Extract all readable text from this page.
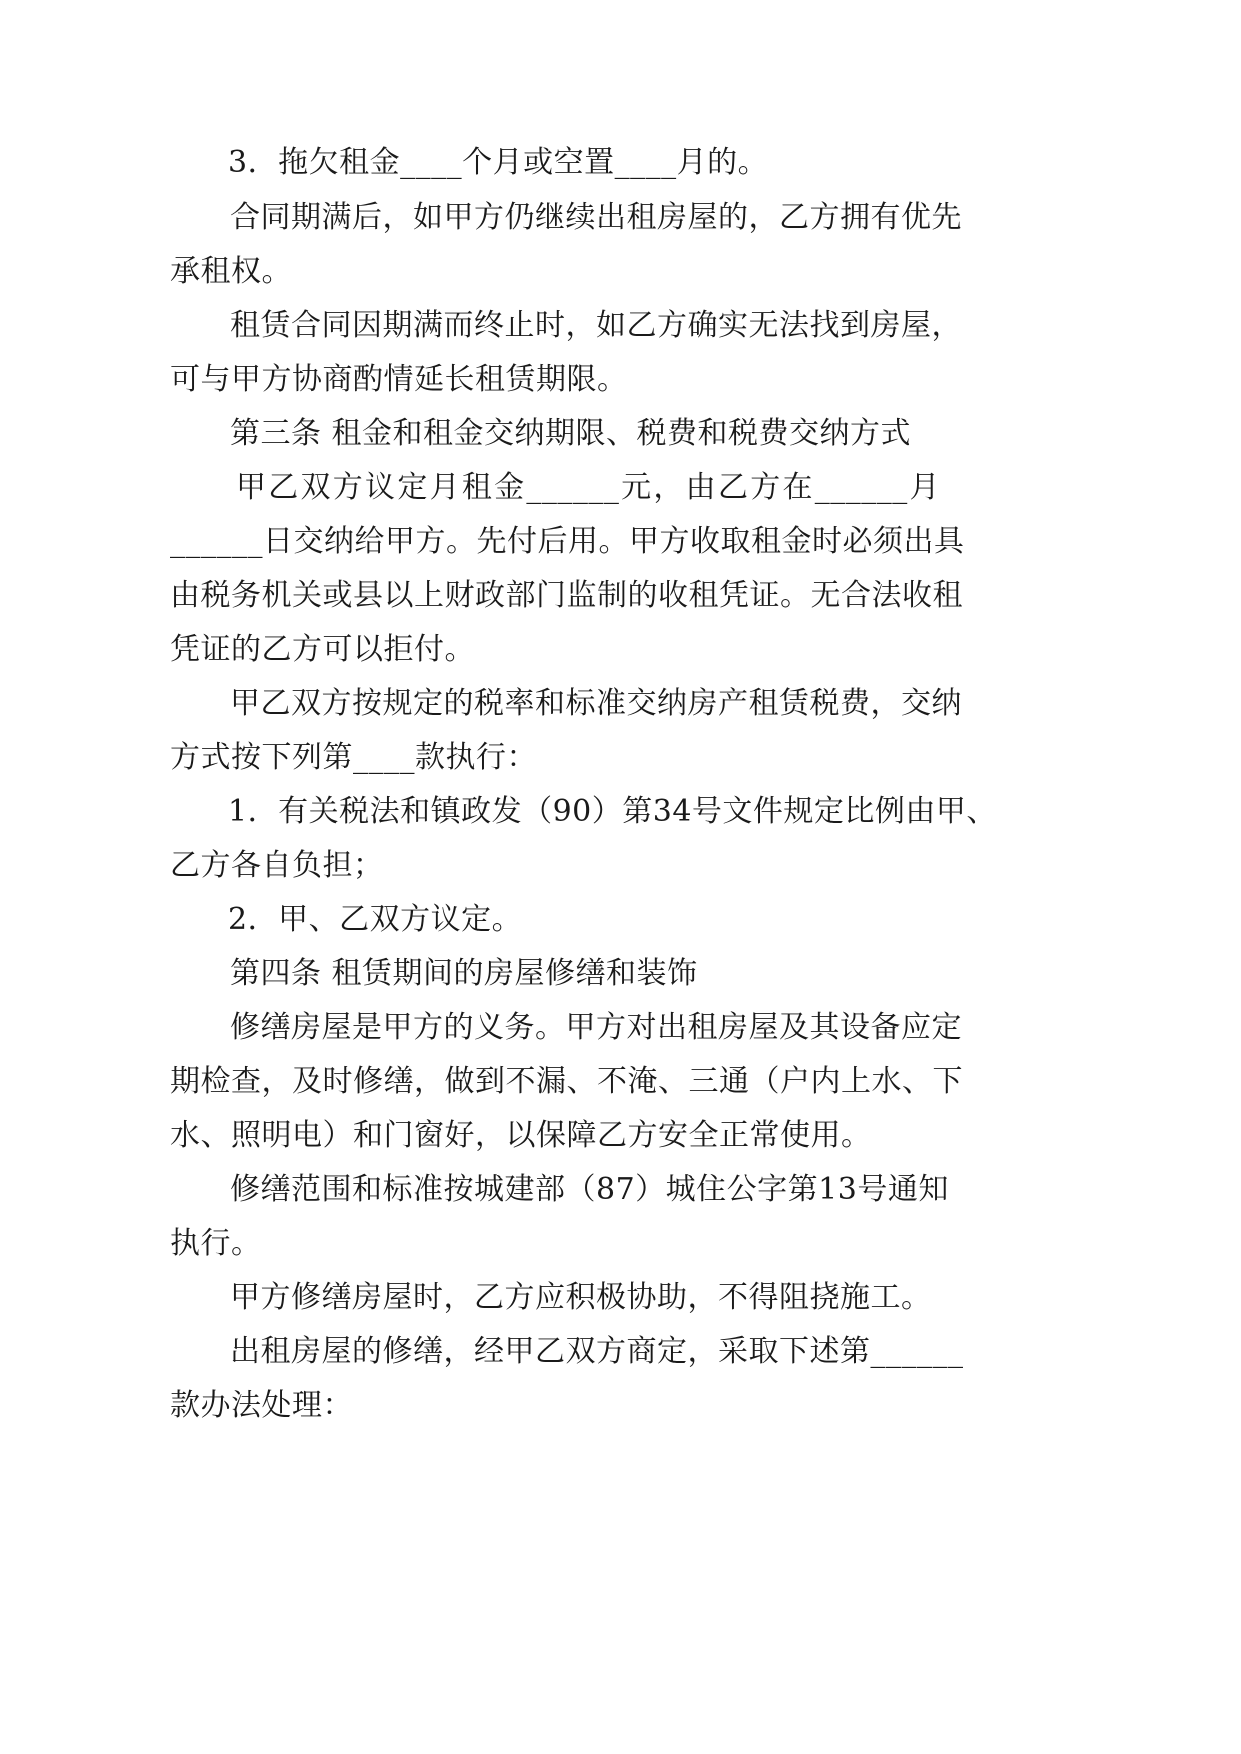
3．拖欠租金____个月或空置____月的。
合同期满后，如甲方仍继续出租房屋的，乙方拥有优先
承租权。
租赁合同因期满而终止时，如乙方确实无法找到房屋，
可与甲方协商酌情延长租赁期限。
第三条 租金和租金交纳期限、税费和税费交纳方式
甲乙双方议定月租金______元，由乙方在______月
______日交纳给甲方。先付后用。甲方收取租金时必须出具
由税务机关或县以上财政部门监制的收租凭证。无合法收租
凭证的乙方可以拒付。
甲乙双方按规定的税率和标准交纳房产租赁税费，交纳
方式按下列第____款执行：
1．有关税法和镇政发（90）第34号文件规定比例由甲、
乙方各自负担；
2．甲、乙双方议定。
第四条 租赁期间的房屋修缮和装饰
修缮房屋是甲方的义务。甲方对出租房屋及其设备应定
期检查，及时修缮，做到不漏、不淹、三通（户内上水、下
水、照明电）和门窗好，以保障乙方安全正常使用。
修缮范围和标准按城建部（87）城住公字第13号通知
执行。
甲方修缮房屋时，乙方应积极协助，不得阻挠施工。
出租房屋的修缮，经甲乙双方商定，采取下述第______
款办法处理：
